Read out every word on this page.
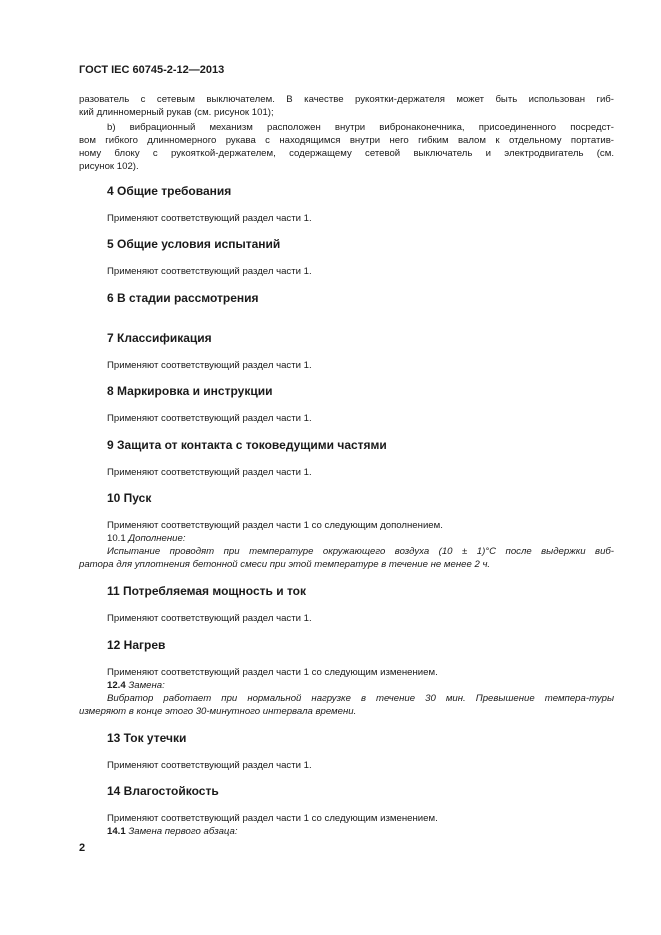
ГОСТ IEC 60745-2-12—2013
разователь с сетевым выключателем. В качестве рукоятки-держателя может быть использован гиб-
кий длинномерный рукав (см. рисунок 101);
b) вибрационный механизм расположен внутри вибронаконечника, присоединенного посредст-
вом гибкого длинномерного рукава с находящимся внутри него гибким валом к отдельному портатив-
ному блоку с рукояткой-держателем, содержащему сетевой выключатель и электродвигатель (см.
рисунок 102).
4 Общие требования
Применяют соответствующий раздел части 1.
5 Общие условия испытаний
Применяют соответствующий раздел части 1.
6 В стадии рассмотрения
7 Классификация
Применяют соответствующий раздел части 1.
8 Маркировка и инструкции
Применяют соответствующий раздел части 1.
9 Защита от контакта с токоведущими частями
Применяют соответствующий раздел части 1.
10 Пуск
Применяют соответствующий раздел части 1 со следующим дополнением.
10.1 Дополнение:
Испытание проводят при температуре окружающего воздуха (10 ± 1)°С после выдержки виб-
ратора для уплотнения бетонной смеси при этой температуре в течение не менее 2 ч.
11 Потребляемая мощность и ток
Применяют соответствующий раздел части 1.
12 Нагрев
Применяют соответствующий раздел части 1 со следующим изменением.
12.4 Замена:
Вибратор работает при нормальной нагрузке в течение 30 мин. Превышение темпера-туры
измеряют в конце этого 30-минутного интервала времени.
13 Ток утечки
Применяют соответствующий раздел части 1.
14 Влагостойкость
Применяют соответствующий раздел части 1 со следующим изменением.
14.1 Замена первого абзаца:
2
